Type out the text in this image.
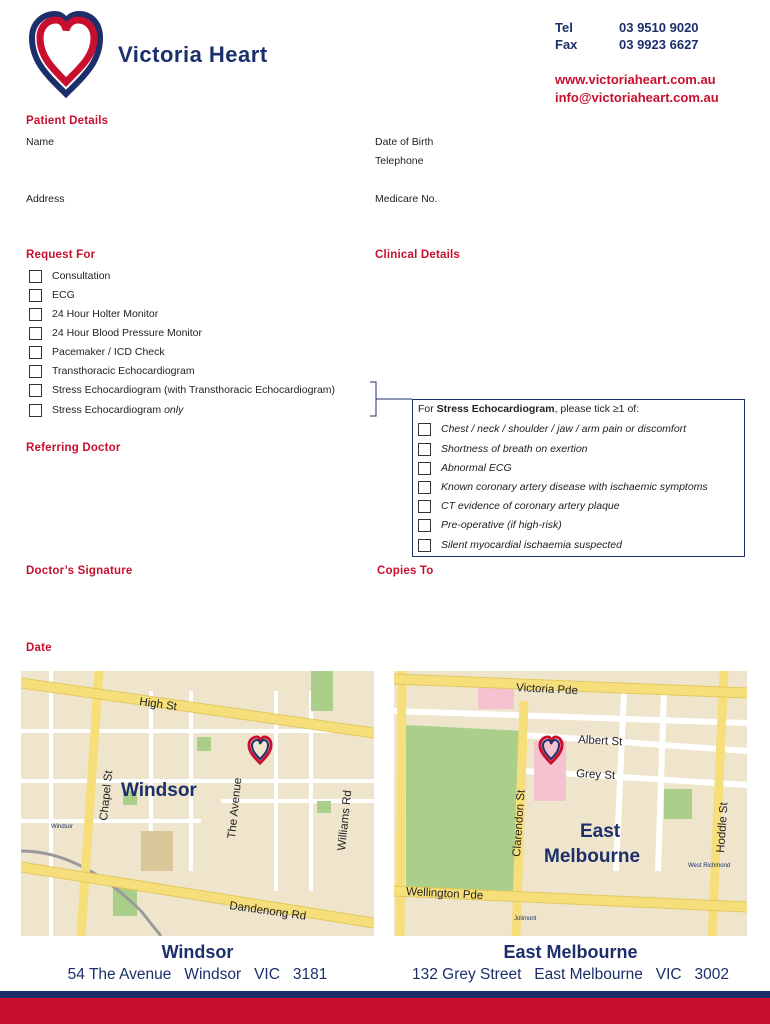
Victoria Heart
Tel	03 9510 9020
Fax	03 9923 6627
www.victoriaheart.com.au
info@victoriaheart.com.au
Patient Details
Name	Date of Birth
Telephone
Address	Medicare No.
Request For	Clinical Details
Consultation
ECG
24 Hour Holter Monitor
24 Hour Blood Pressure Monitor
Pacemaker / ICD Check
Transthoracic Echocardiogram
Stress Echocardiogram (with Transthoracic Echocardiogram)
Stress Echocardiogram only	For Stress Echocardiogram, please tick ≥1 of:
Chest / neck / shoulder / jaw / arm pain or discomfort
Shortness of breath on exertion
Abnormal ECG
Known coronary artery disease with ischaemic symptoms
CT evidence of coronary artery plaque
Pre-operative (if high-risk)
Silent myocardial ischaemia suspected
Referring Doctor
Doctor’s Signature	Copies To
Date
High St
Chapel St	The Avenue	Williams Rd
Dandenong Rd
Windsor
Windsor
Victoria Pde
Albert St
Grey St
Clarendon St	Hoddle St
Wellington Pde
West Richmond
Jolimont
East
Melbourne
Windsor
54 The Avenue   Windsor   VIC   3181
East Melbourne
132 Grey Street   East Melbourne   VIC   3002
